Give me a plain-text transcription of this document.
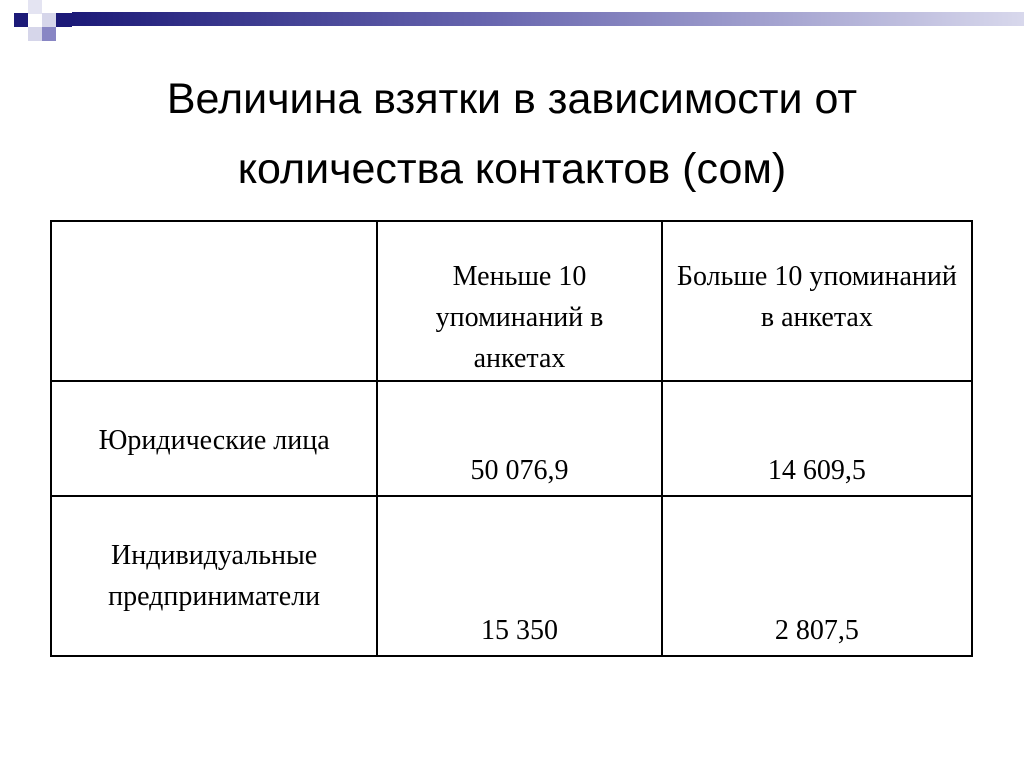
Величина взятки в зависимости от
количества контактов (сом)

	Меньше 10 упоминаний в анкетах	Больше 10 упоминаний в анкетах

Юридические лица	50 076,9	14 609,5
Индивидуальные предприниматели	15 350	2 807,5
